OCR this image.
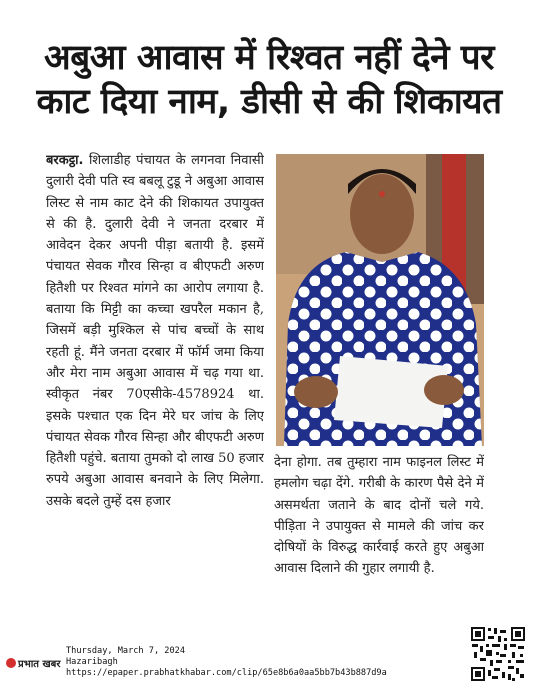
अबुआ आवास में रिश्वत नहीं देने पर
काट दिया नाम, डीसी से की शिकायत
बरकट्ठा. शिलाडीह पंचायत के लगनवा निवासी दुलारी देवी पति स्व बबलू टुडू ने अबुआ आवास लिस्ट से नाम काट देने की शिकायत उपायुक्त से की है. दुलारी देवी ने जनता दरबार में आवेदन देकर अपनी पीड़ा बतायी है. इसमें पंचायत सेवक गौरव सिन्हा व बीएफटी अरुण हितैशी पर रिश्वत मांगने का आरोप लगाया है. बताया कि मिट्टी का कच्चा खपरैल मकान है, जिसमें बड़ी मुश्किल से पांच बच्चों के साथ रहती हूं. मैंने जनता दरबार में फॉर्म जमा किया और मेरा नाम अबुआ आवास में चढ़ गया था. स्वीकृत नंबर 70एसीके-4578924 था. इसके पश्चात एक दिन मेरे घर जांच के लिए पंचायत सेवक गौरव सिन्हा और बीएफटी अरुण हितैशी पहुंचे. बताया तुमको दो लाख 50 हजार रुपये अबुआ आवास बनवाने के लिए मिलेगा. उसके बदले तुम्हें दस हजार
देना होगा. तब तुम्हारा नाम फाइनल लिस्ट में हमलोग चढ़ा देंगे. गरीबी के कारण पैसे देने में असमर्थता जताने के बाद दोनों चले गये. पीड़िता ने उपायुक्त से मामले की जांच कर दोषियों के विरुद्ध कार्रवाई करते हुए अबुआ आवास दिलाने की गुहार लगायी है.
प्रभात खबर
Thursday, March 7, 2024
Hazaribagh
https://epaper.prabhatkhabar.com/clip/65e8b6a0aa5bb7b43b887d9a
